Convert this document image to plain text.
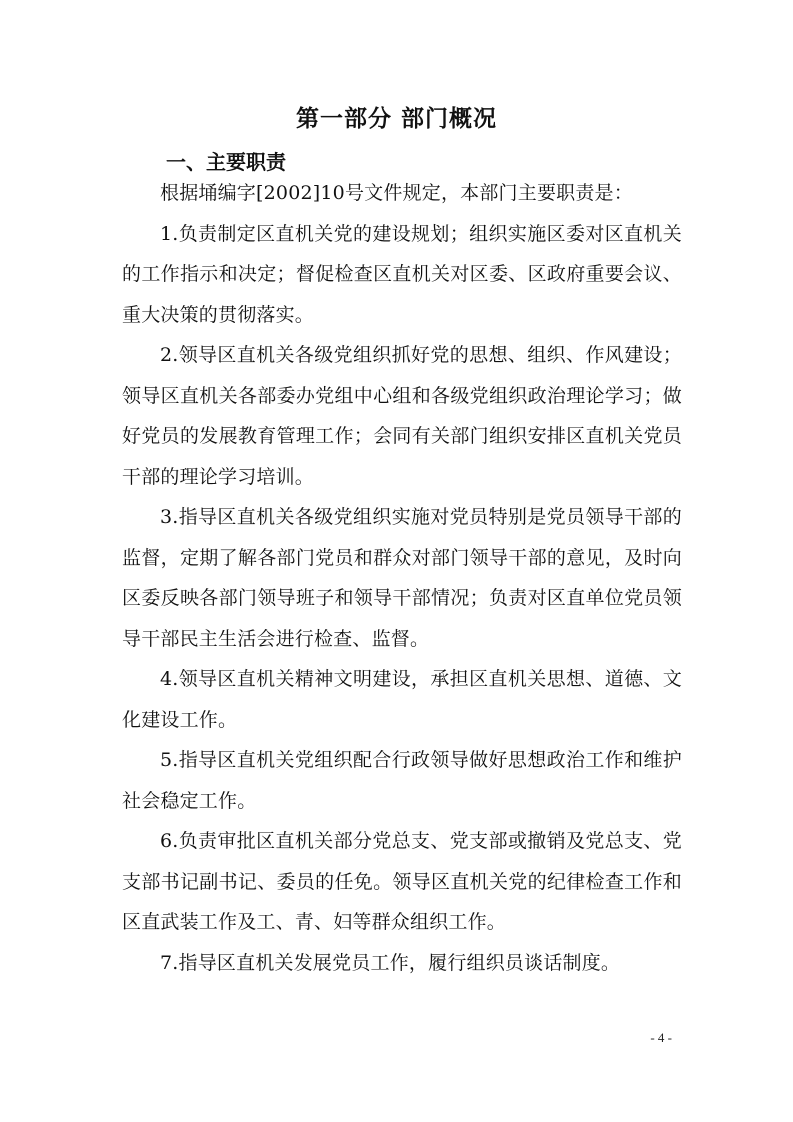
第一部分 部门概况
一、主要职责

根据埇编字[2002]10号文件规定，本部门主要职责是：

1.负责制定区直机关党的建设规划；组织实施区委对区直机关的工作指示和决定；督促检查区直机关对区委、区政府重要会议、重大决策的贯彻落实。

2.领导区直机关各级党组织抓好党的思想、组织、作风建设；领导区直机关各部委办党组中心组和各级党组织政治理论学习；做好党员的发展教育管理工作；会同有关部门组织安排区直机关党员干部的理论学习培训。

3.指导区直机关各级党组织实施对党员特别是党员领导干部的监督，定期了解各部门党员和群众对部门领导干部的意见，及时向区委反映各部门领导班子和领导干部情况；负责对区直单位党员领导干部民主生活会进行检查、监督。

4.领导区直机关精神文明建设，承担区直机关思想、道德、文化建设工作。

5.指导区直机关党组织配合行政领导做好思想政治工作和维护社会稳定工作。

6.负责审批区直机关部分党总支、党支部或撤销及党总支、党支部书记副书记、委员的任免。领导区直机关党的纪律检查工作和区直武装工作及工、青、妇等群众组织工作。

7.指导区直机关发展党员工作，履行组织员谈话制度。

- 4 -
